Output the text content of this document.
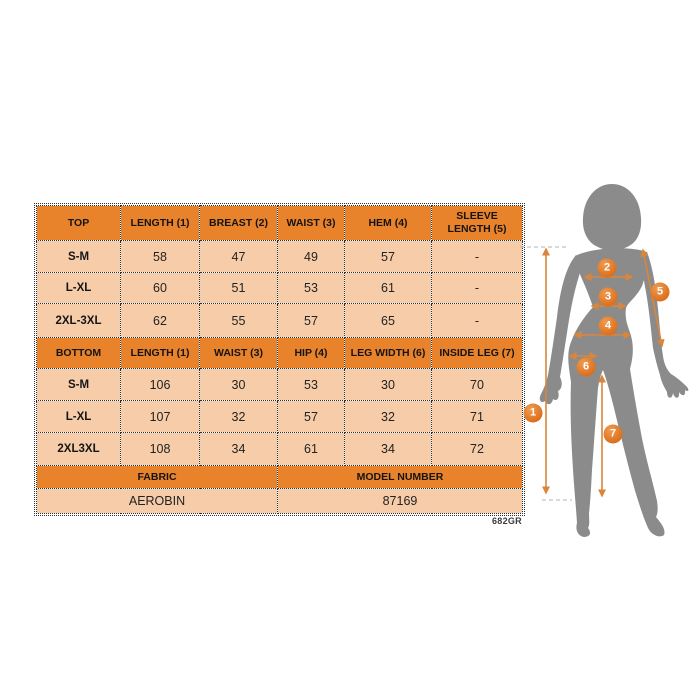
TOP	LENGTH (1)	BREAST (2)	WAIST (3)	HEM (4)	SLEEVE LENGTH (5)
S-M	58	47	49	57	-
L-XL	60	51	53	61	-
2XL-3XL	62	55	57	65	-
BOTTOM	LENGTH (1)	WAIST (3)	HIP (4)	LEG WIDTH (6)	INSIDE LEG (7)
S-M	106	30	53	30	70
L-XL	107	32	57	32	71
2XL3XL	108	34	61	34	72
FABRIC			MODEL NUMBER		
AEROBIN			87169		
682GR
1
2
3
4
5
6
7
